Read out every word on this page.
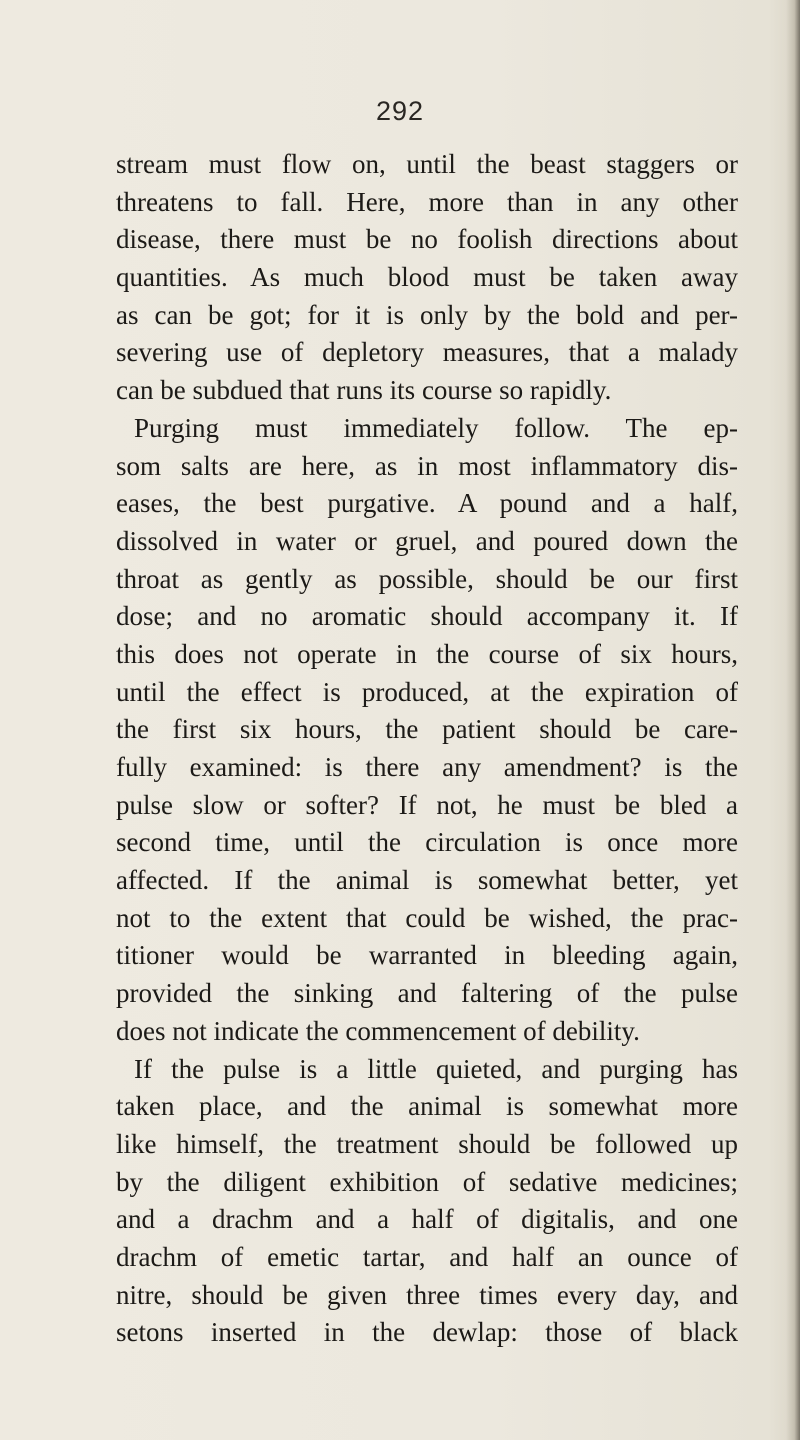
292
stream must flow on, until the beast staggers or
threatens to fall. Here, more than in any other
disease, there must be no foolish directions about
quantities. As much blood must be taken away
as can be got; for it is only by the bold and per-
severing use of depletory measures, that a malady
can be subdued that runs its course so rapidly.
Purging must immediately follow. The ep-
som salts are here, as in most inflammatory dis-
eases, the best purgative. A pound and a half,
dissolved in water or gruel, and poured down the
throat as gently as possible, should be our first
dose; and no aromatic should accompany it. If
this does not operate in the course of six hours,
until the effect is produced, at the expiration of
the first six hours, the patient should be care-
fully examined: is there any amendment? is the
pulse slow or softer? If not, he must be bled a
second time, until the circulation is once more
affected. If the animal is somewhat better, yet
not to the extent that could be wished, the prac-
titioner would be warranted in bleeding again,
provided the sinking and faltering of the pulse
does not indicate the commencement of debility.
If the pulse is a little quieted, and purging has
taken place, and the animal is somewhat more
like himself, the treatment should be followed up
by the diligent exhibition of sedative medicines;
and a drachm and a half of digitalis, and one
drachm of emetic tartar, and half an ounce of
nitre, should be given three times every day, and
setons inserted in the dewlap: those of black
